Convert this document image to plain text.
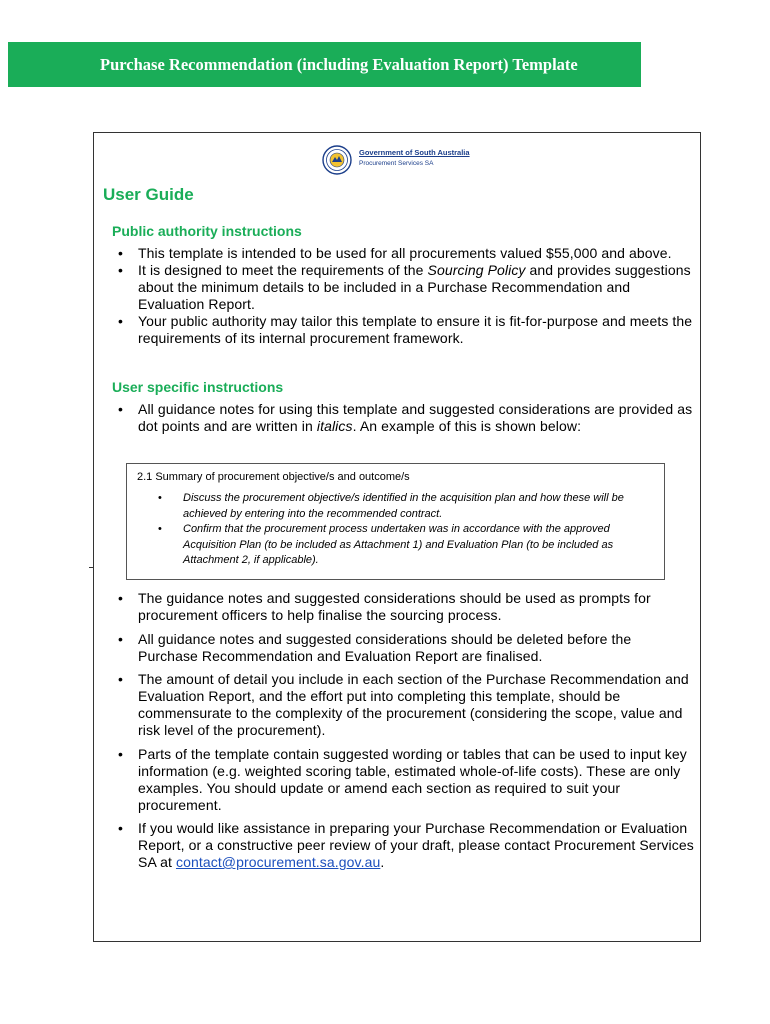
Purchase Recommendation (including Evaluation Report) Template
Government of South Australia
Procurement Services SA
User Guide
Public authority instructions
• This template is intended to be used for all procurements valued $55,000 and above.
• It is designed to meet the requirements of the Sourcing Policy and provides suggestions about the minimum details to be included in a Purchase Recommendation and Evaluation Report.
• Your public authority may tailor this template to ensure it is fit-for-purpose and meets the requirements of its internal procurement framework.
User specific instructions
• All guidance notes for using this template and suggested considerations are provided as dot points and are written in italics. An example of this is shown below:

2.1 Summary of procurement objective/s and outcome/s

• Discuss the procurement objective/s identified in the acquisition plan and how these will be achieved by entering into the recommended contract.
• Confirm that the procurement process undertaken was in accordance with the approved Acquisition Plan (to be included as Attachment 1) and Evaluation Plan (to be included as Attachment 2, if applicable).
• The guidance notes and suggested considerations should be used as prompts for procurement officers to help finalise the sourcing process.
• All guidance notes and suggested considerations should be deleted before the Purchase Recommendation and Evaluation Report are finalised.
• The amount of detail you include in each section of the Purchase Recommendation and Evaluation Report, and the effort put into completing this template, should be commensurate to the complexity of the procurement (considering the scope, value and risk level of the procurement).
• Parts of the template contain suggested wording or tables that can be used to input key information (e.g. weighted scoring table, estimated whole-of-life costs). These are only examples. You should update or amend each section as required to suit your procurement.
• If you would like assistance in preparing your Purchase Recommendation or Evaluation Report, or a constructive peer review of your draft, please contact Procurement Services SA at contact@procurement.sa.gov.au.
